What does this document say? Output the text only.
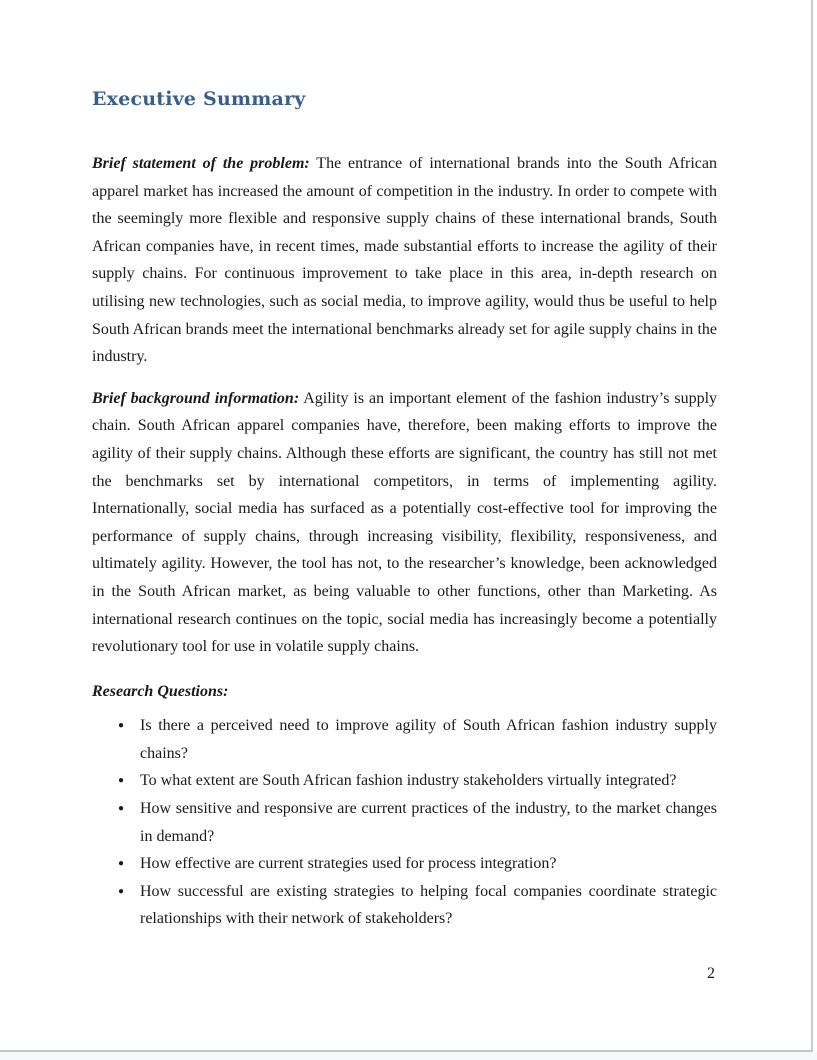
Executive Summary

Brief statement of the problem: The entrance of international brands into the South African apparel market has increased the amount of competition in the industry. In order to compete with the seemingly more flexible and responsive supply chains of these international brands, South African companies have, in recent times, made substantial efforts to increase the agility of their supply chains. For continuous improvement to take place in this area, in-depth research on utilising new technologies, such as social media, to improve agility, would thus be useful to help South African brands meet the international benchmarks already set for agile supply chains in the industry.

Brief background information: Agility is an important element of the fashion industry’s supply chain. South African apparel companies have, therefore, been making efforts to improve the agility of their supply chains. Although these efforts are significant, the country has still not met the benchmarks set by international competitors, in terms of implementing agility. Internationally, social media has surfaced as a potentially cost-effective tool for improving the performance of supply chains, through increasing visibility, flexibility, responsiveness, and ultimately agility. However, the tool has not, to the researcher’s knowledge, been acknowledged in the South African market, as being valuable to other functions, other than Marketing. As international research continues on the topic, social media has increasingly become a potentially revolutionary tool for use in volatile supply chains.

Research Questions:

● Is there a perceived need to improve agility of South African fashion industry supply chains?
● To what extent are South African fashion industry stakeholders virtually integrated?
● How sensitive and responsive are current practices of the industry, to the market changes in demand?
● How effective are current strategies used for process integration?
● How successful are existing strategies to helping focal companies coordinate strategic relationships with their network of stakeholders?
2
